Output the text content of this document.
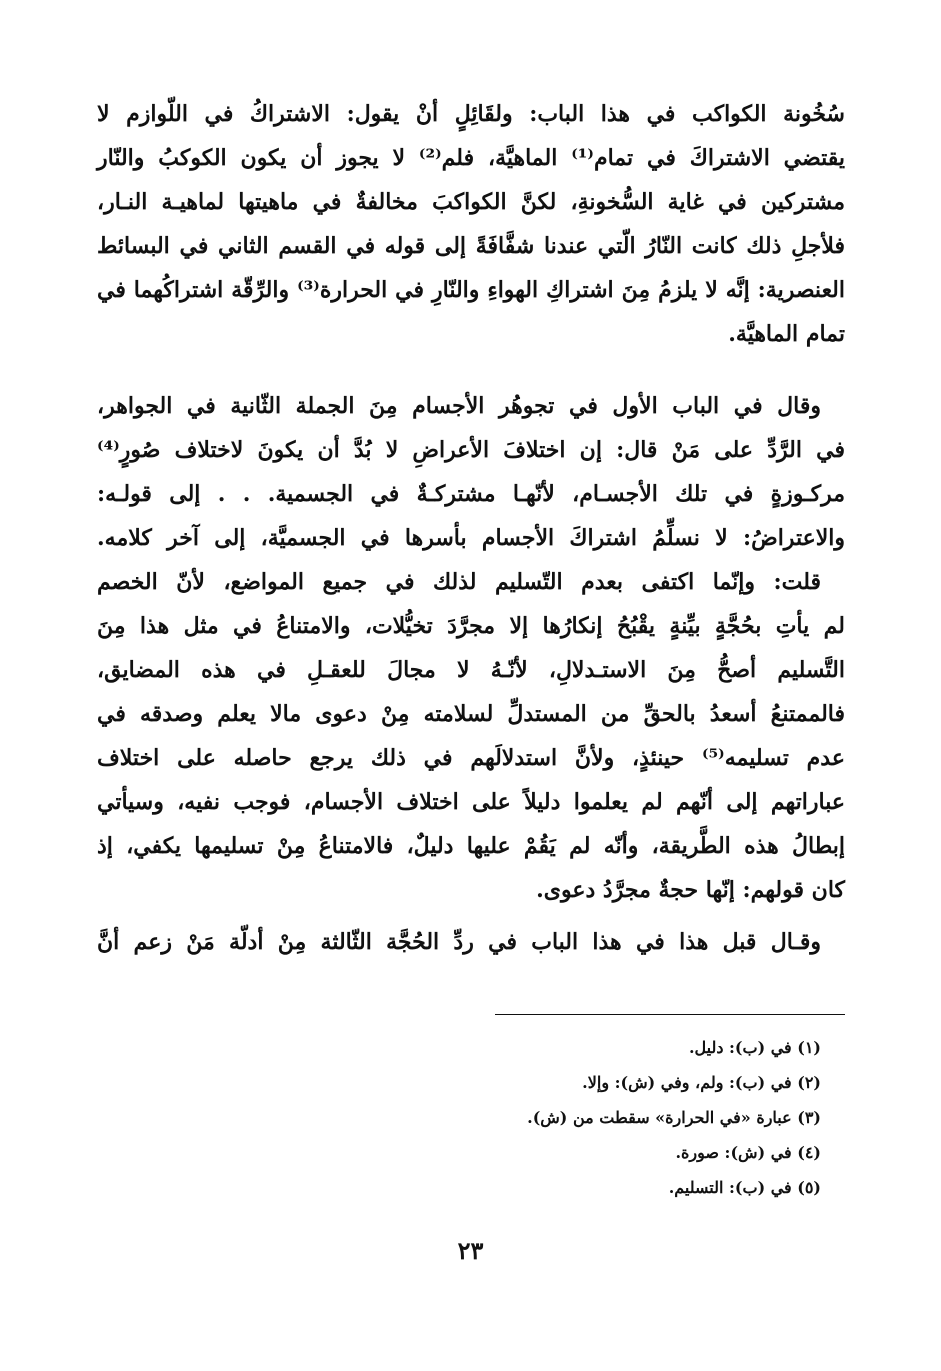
سُخُونة الكواكب في هذا الباب: ولقَائِلٍ أنْ يقول: الاشتراكُ في اللّوازم لا
يقتضي الاشتراكَ في تمام⁽¹⁾ الماهيَّة، فلم⁽²⁾ لا يجوز أن يكون الكوكبُ والنّار
مشتركين في غاية السُّخونةِ، لكنَّ الكواكبَ مخالفةٌ في ماهيتها لماهيـة النـار،
فلأجلِ ذلك كانت النّارُ الّتي عندنا شفَّافَةً إلى قوله في القسم الثاني في البسائط
العنصرية: إنَّه لا يلزمُ مِنَ اشتراكِ الهواءِ والنّارِ في الحرارة⁽³⁾ والرِّقّة اشتراكُهما في
تمام الماهيَّة.
وقال في الباب الأول في تجوهُر الأجسام مِنَ الجملة الثّانية في الجواهر،
في الرَّدِّ على مَنْ قال: إن اختلافَ الأعراضِ لا بُدَّ أن يكونَ لاختلاف صُورٍ⁽⁴⁾
مركـوزةٍ في تلك الأجسـام، لأنّهـا مشتركـةٌ في الجسمية. . . إلى قولـه:
والاعتراضُ: لا نسلِّمُ اشتراكَ الأجسام بأسرها في الجسميَّة، إلى آخر كلامه.
قلت: وإنّما اكتفى بعدم التّسليم لذلك في جميع المواضع، لأنّ الخصم
لم يأتِ بحُجَّةٍ بيِّنةٍ يقْبُحُ إنكارُها إلا مجرَّدَ تخيُّلات، والامتناعُ في مثل هذا مِنَ
التَّسليم أصحُّ مِنَ الاستـدلالِ، لأنّـهُ لا مجالَ للعقـلِ في هذه المضايق،
فالممتنعُ أسعدُ بالحقِّ من المستدلِّ لسلامته مِنْ دعوى مالا يعلم وصدقه في
عدم تسليمه⁽⁵⁾ حينئذٍ، ولأنَّ استدلالَهم في ذلك يرجع حاصله على اختلاف
عباراتهم إلى أنّهم لم يعلموا دليلاً على اختلاف الأجسام، فوجب نفيه، وسيأتي
إبطالُ هذه الطَّريقة، وأنّه لم يَقُمْ عليها دليلٌ، فالامتناعُ مِنْ تسليمها يكفي، إذ
كان قولهم: إنّها حجةٌ مجرَّدُ دعوى.
وقـال قبل هذا في هذا الباب في ردِّ الحُجَّة الثّالثة مِنْ أدلّة مَنْ زعم أنَّ
(١) في (ب): دليل.
(٢) في (ب): ولم، وفي (ش): وإلا.
(٣) عبارة «في الحرارة» سقطت من (ش).
(٤) في (ش): صورة.
(٥) في (ب): التسليم.
٢٣
